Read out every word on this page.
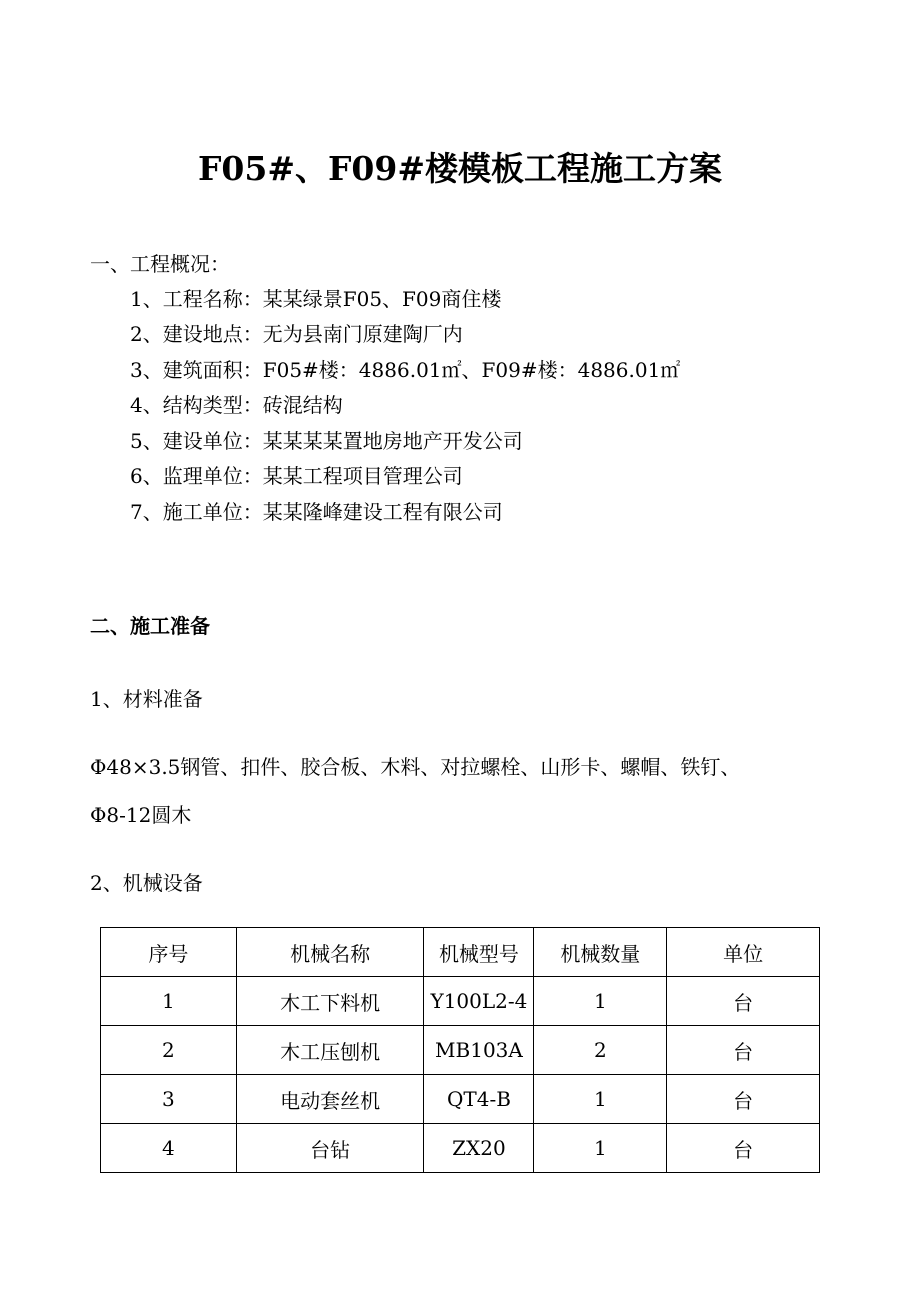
F05#、F09#楼模板工程施工方案
一、工程概况：
1、工程名称：某某绿景F05、F09商住楼
2、建设地点：无为县南门原建陶厂内
3、建筑面积：F05#楼：4886.01㎡、F09#楼：4886.01㎡
4、结构类型：砖混结构
5、建设单位：某某某某置地房地产开发公司
6、监理单位：某某工程项目管理公司
7、施工单位：某某隆峰建设工程有限公司
二、施工准备
1、材料准备
Φ48×3.5钢管、扣件、胶合板、木料、对拉螺栓、山形卡、螺帽、铁钉、
Φ8-12圆木
2、机械设备
序号	机械名称	机械型号	机械数量	单位
1	木工下料机	Y100L2-4	1	台
2	木工压刨机	MB103A	2	台
3	电动套丝机	QT4-B	1	台
4	台钻	ZX20	1	台
